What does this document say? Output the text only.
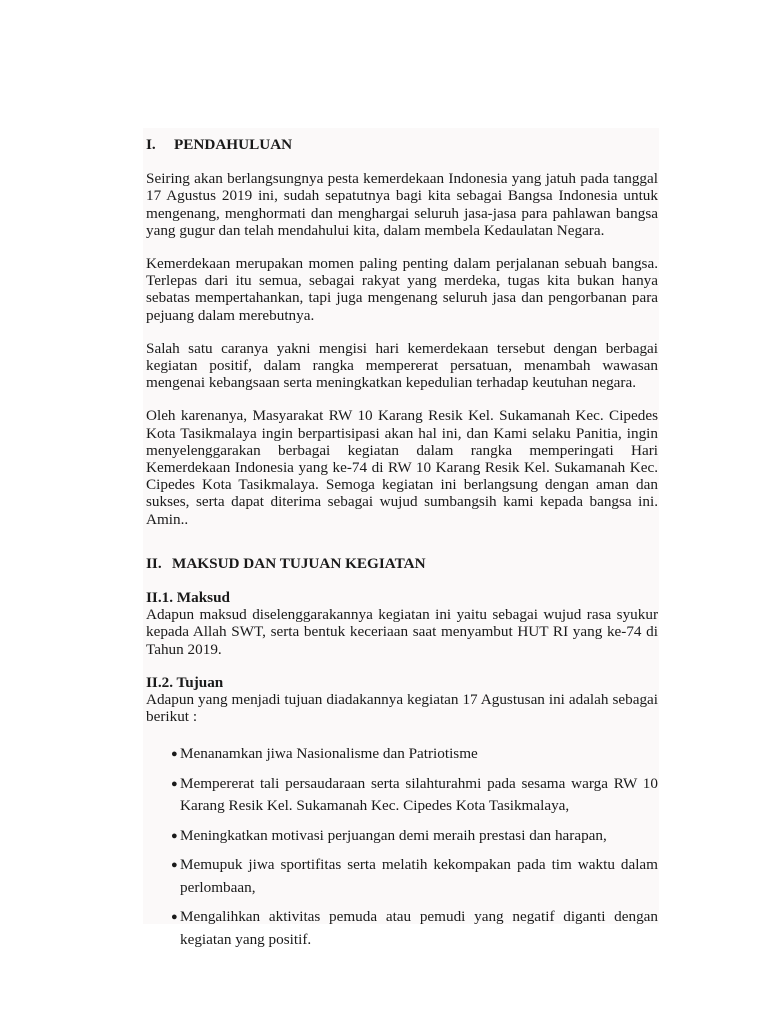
I.	PENDAHULUAN

Seiring akan berlangsungnya pesta kemerdekaan Indonesia yang jatuh pada tanggal 17 Agustus 2019 ini, sudah sepatutnya bagi kita sebagai Bangsa Indonesia untuk mengenang, menghormati dan menghargai seluruh jasa-jasa para pahlawan bangsa yang gugur dan telah mendahului kita, dalam membela Kedaulatan Negara.

Kemerdekaan merupakan momen paling penting dalam perjalanan sebuah bangsa. Terlepas dari itu semua, sebagai rakyat yang merdeka, tugas kita bukan hanya sebatas mempertahankan, tapi juga mengenang seluruh jasa dan pengorbanan para pejuang dalam merebutnya.

Salah satu caranya yakni mengisi hari kemerdekaan tersebut dengan berbagai kegiatan positif, dalam rangka mempererat persatuan, menambah wawasan mengenai kebangsaan serta meningkatkan kepedulian terhadap keutuhan negara.

Oleh karenanya, Masyarakat RW 10 Karang Resik Kel. Sukamanah Kec. Cipedes Kota Tasikmalaya ingin berpartisipasi akan hal ini, dan Kami selaku Panitia, ingin menyelenggarakan berbagai kegiatan dalam rangka memperingati Hari Kemerdekaan Indonesia yang ke-74 di RW 10 Karang Resik Kel. Sukamanah Kec. Cipedes Kota Tasikmalaya. Semoga kegiatan ini berlangsung dengan aman dan sukses, serta dapat diterima sebagai wujud sumbangsih kami kepada bangsa ini. Amin..

II. MAKSUD DAN TUJUAN KEGIATAN

II.1. Maksud

Adapun maksud diselenggarakannya kegiatan ini yaitu sebagai wujud rasa syukur kepada Allah SWT, serta bentuk keceriaan saat menyambut HUT RI yang ke-74 di Tahun 2019.

II.2. Tujuan

Adapun yang menjadi tujuan diadakannya kegiatan 17 Agustusan ini adalah sebagai berikut :

● Menanamkan jiwa Nasionalisme dan Patriotisme
● Mempererat tali persaudaraan serta silahturahmi pada sesama warga RW 10 Karang Resik Kel. Sukamanah Kec. Cipedes Kota Tasikmalaya,
● Meningkatkan motivasi perjuangan demi meraih prestasi dan harapan,
● Memupuk jiwa sportifitas serta melatih kekompakan pada tim waktu dalam perlombaan,
● Mengalihkan aktivitas pemuda atau pemudi yang negatif diganti dengan kegiatan yang positif.
